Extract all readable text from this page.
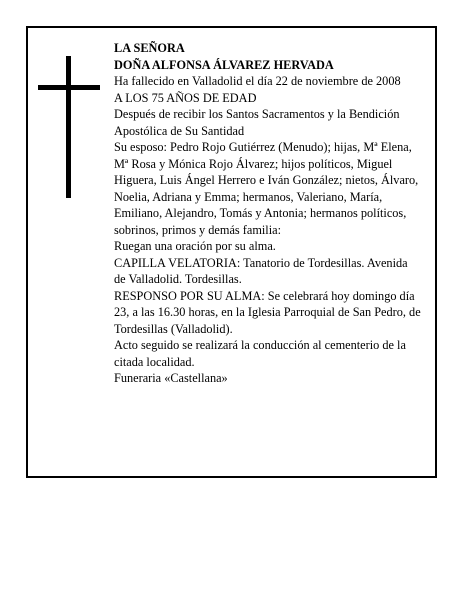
LA SEÑORA

DOÑA ALFONSA ÁLVAREZ HERVADA

Ha fallecido en Valladolid el día 22 de noviembre de 2008

A LOS 75 AÑOS DE EDAD

Después de recibir los Santos Sacramentos y la Bendición Apostólica de Su Santidad

Su esposo: Pedro Rojo Gutiérrez (Menudo); hijas, Mª Elena, Mª Rosa y Mónica Rojo Álvarez; hijos políticos, Miguel Higuera, Luis Ángel Herrero e Iván González; nietos, Álvaro, Noelia, Adriana y Emma; hermanos, Valeriano, María, Emiliano, Alejandro, Tomás y Antonia; hermanos políticos, sobrinos, primos y demás familia:

Ruegan una oración por su alma.

CAPILLA VELATORIA: Tanatorio de Tordesillas. Avenida de Valladolid. Tordesillas.

RESPONSO POR SU ALMA: Se celebrará hoy domingo día 23, a las 16.30 horas, en la Iglesia Parroquial de San Pedro, de Tordesillas (Valladolid).

Acto seguido se realizará la conducción al cementerio de la citada localidad.

Funeraria «Castellana»
